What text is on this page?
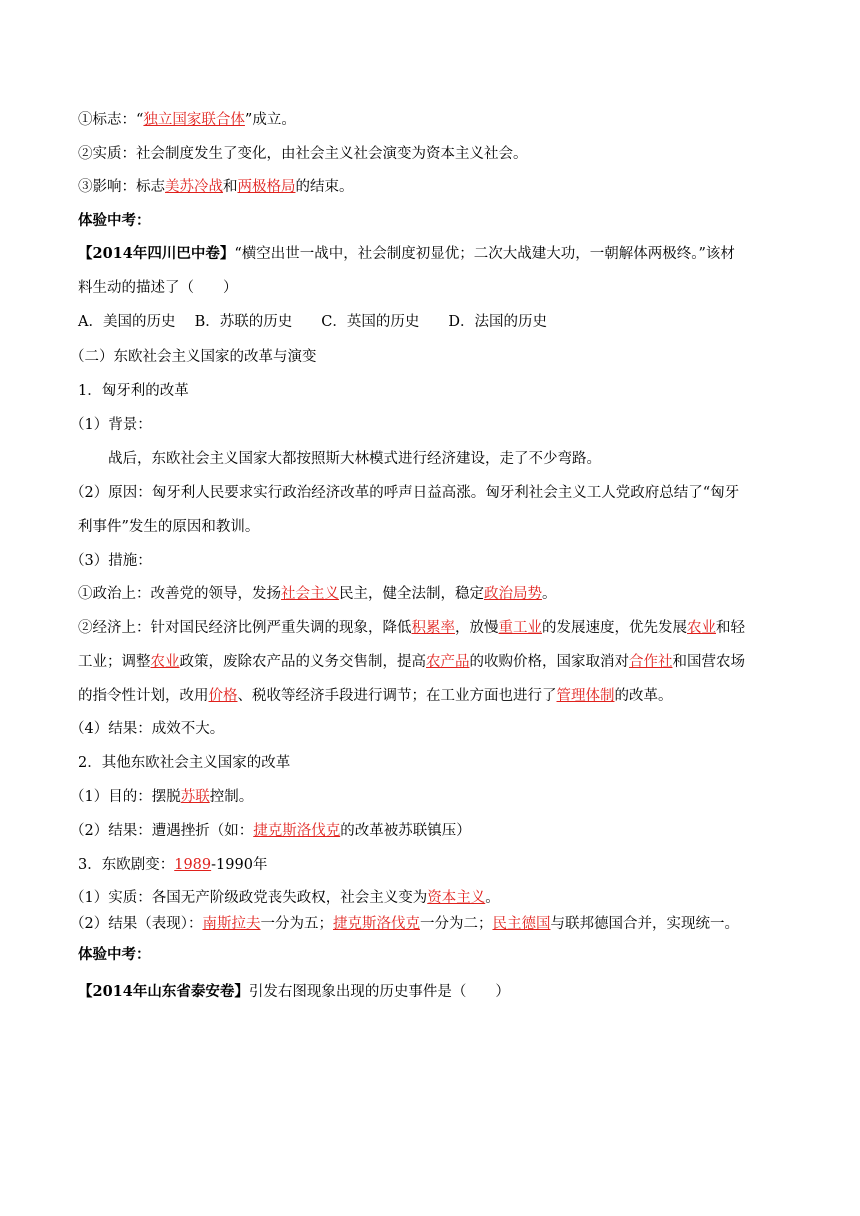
①标志：“独立国家联合体”成立。
②实质：社会制度发生了变化，由社会主义社会演变为资本主义社会。
③影响：标志美苏冷战和两极格局的结束。
体验中考：
【2014年四川巴中卷】“横空出世一战中，社会制度初显优；二次大战建大功，一朝解体两极终。”该材
料生动的描述了（　　）
A．美国的历史　 B．苏联的历史　　C．英国的历史　　D．法国的历史
（二）东欧社会主义国家的改革与演变
1．匈牙利的改革
（1）背景：
战后，东欧社会主义国家大都按照斯大林模式进行经济建设，走了不少弯路。
（2）原因：匈牙利人民要求实行政治经济改革的呼声日益高涨。匈牙利社会主义工人党政府总结了“匈牙
利事件”发生的原因和教训。
（3）措施：
①政治上：改善党的领导，发扬社会主义民主，健全法制，稳定政治局势。
②经济上：针对国民经济比例严重失调的现象，降低积累率，放慢重工业的发展速度，优先发展农业和轻
工业；调整农业政策，废除农产品的义务交售制，提高农产品的收购价格，国家取消对合作社和国营农场
的指令性计划，改用价格、税收等经济手段进行调节；在工业方面也进行了管理体制的改革。
（4）结果：成效不大。
2．其他东欧社会主义国家的改革
（1）目的：摆脱苏联控制。
（2）结果：遭遇挫折（如：捷克斯洛伐克的改革被苏联镇压）
3．东欧剧变：1989-1990年
（1）实质：各国无产阶级政党丧失政权，社会主义变为资本主义。
（2）结果（表现）：南斯拉夫一分为五；捷克斯洛伐克一分为二；民主德国与联邦德国合并，实现统一。
体验中考：
【2014年山东省泰安卷】引发右图现象出现的历史事件是（　　）
